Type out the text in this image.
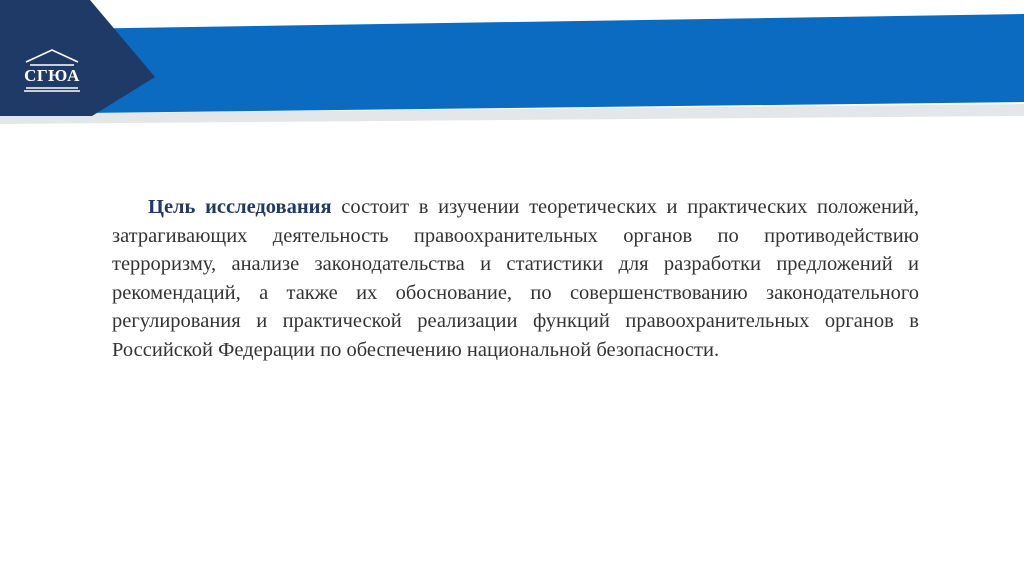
СГЮА

Цель исследования состоит в изучении теоретических и практических положений, затрагивающих деятельность правоохранительных органов по противодействию терроризму, анализе законодательства и статистики для разработки предложений и рекомендаций, а также их обоснование, по совершенствованию законодательного регулирования и практической реализации функций правоохранительных органов в Российской Федерации по обеспечению национальной безопасности.
